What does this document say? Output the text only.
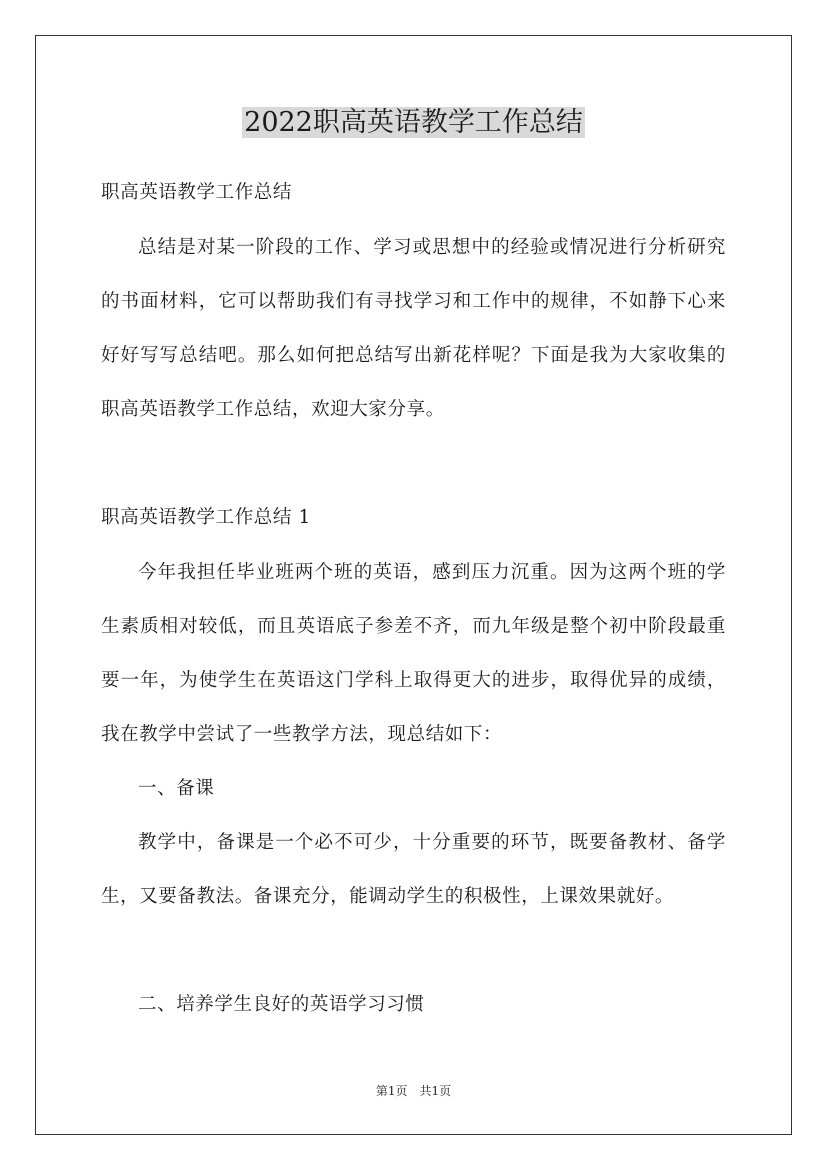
2022职高英语教学工作总结

职高英语教学工作总结

总结是对某一阶段的工作、学习或思想中的经验或情况进行分析研究的书面材料，它可以帮助我们有寻找学习和工作中的规律，不如静下心来好好写写总结吧。那么如何把总结写出新花样呢？下面是我为大家收集的职高英语教学工作总结，欢迎大家分享。

职高英语教学工作总结 1

今年我担任毕业班两个班的英语，感到压力沉重。因为这两个班的学生素质相对较低，而且英语底子参差不齐，而九年级是整个初中阶段最重要一年，为使学生在英语这门学科上取得更大的进步，取得优异的成绩，我在教学中尝试了一些教学方法，现总结如下：

一、备课

教学中，备课是一个必不可少，十分重要的环节，既要备教材、备学生，又要备教法。备课充分，能调动学生的积极性，上课效果就好。

二、培养学生良好的英语学习习惯

第1页　共1页
